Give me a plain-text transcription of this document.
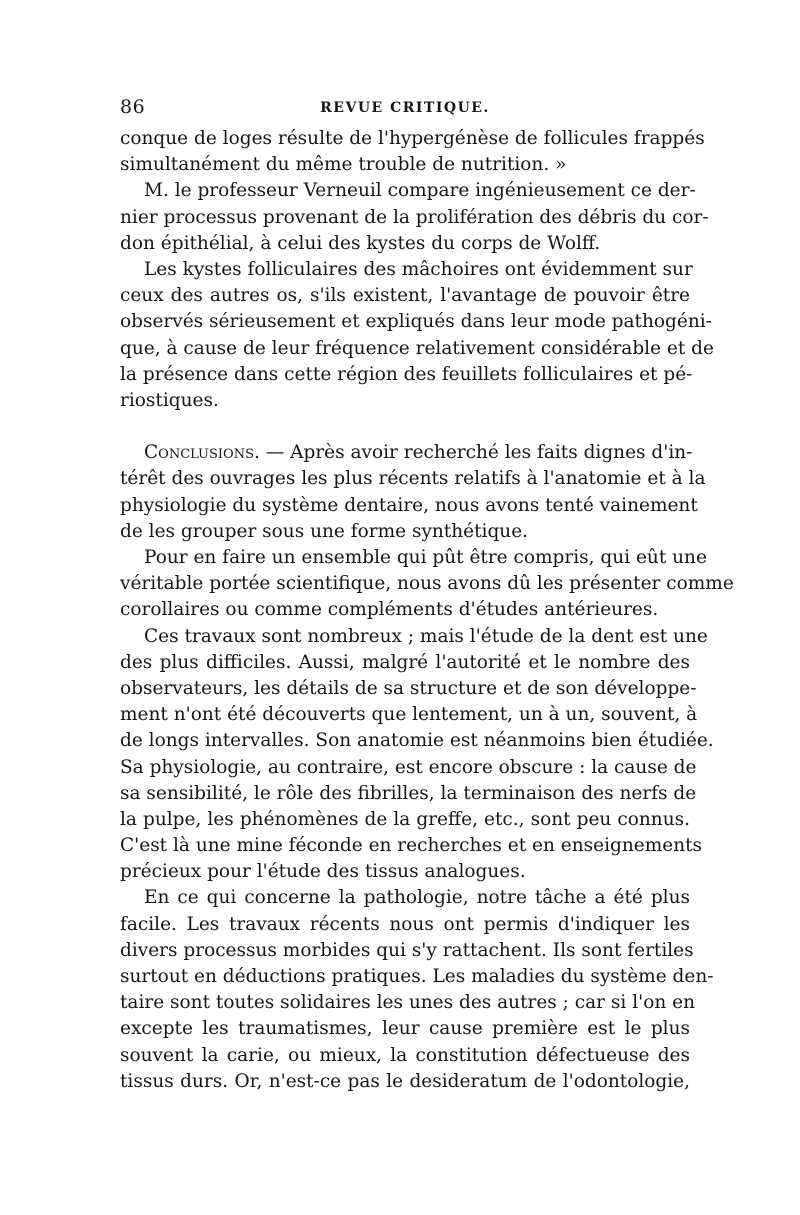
86	REVUE CRITIQUE.
conque de loges résulte de l'hypergénèse de follicules frappés
simultanément du même trouble de nutrition. »
M. le professeur Verneuil compare ingénieusement ce der-
nier processus provenant de la prolifération des débris du cor-
don épithélial, à celui des kystes du corps de Wolff.
Les kystes folliculaires des mâchoires ont évidemment sur
ceux des autres os, s'ils existent, l'avantage de pouvoir être
observés sérieusement et expliqués dans leur mode pathogéni-
que, à cause de leur fréquence relativement considérable et de
la présence dans cette région des feuillets folliculaires et pé-
riostiques.
Conclusions. — Après avoir recherché les faits dignes d'in-
térêt des ouvrages les plus récents relatifs à l'anatomie et à la
physiologie du système dentaire, nous avons tenté vainement
de les grouper sous une forme synthétique.
Pour en faire un ensemble qui pût être compris, qui eût une
véritable portée scientifique, nous avons dû les présenter comme
corollaires ou comme compléments d'études antérieures.
Ces travaux sont nombreux ; mais l'étude de la dent est une
des plus difficiles. Aussi, malgré l'autorité et le nombre des
observateurs, les détails de sa structure et de son développe-
ment n'ont été découverts que lentement, un à un, souvent, à
de longs intervalles. Son anatomie est néanmoins bien étudiée.
Sa physiologie, au contraire, est encore obscure : la cause de
sa sensibilité, le rôle des fibrilles, la terminaison des nerfs de
la pulpe, les phénomènes de la greffe, etc., sont peu connus.
C'est là une mine féconde en recherches et en enseignements
précieux pour l'étude des tissus analogues.
En ce qui concerne la pathologie, notre tâche a été plus
facile. Les travaux récents nous ont permis d'indiquer les
divers processus morbides qui s'y rattachent. Ils sont fertiles
surtout en déductions pratiques. Les maladies du système den-
taire sont toutes solidaires les unes des autres ; car si l'on en
excepte les traumatismes, leur cause première est le plus
souvent la carie, ou mieux, la constitution défectueuse des
tissus durs. Or, n'est-ce pas le desideratum de l'odontologie,
